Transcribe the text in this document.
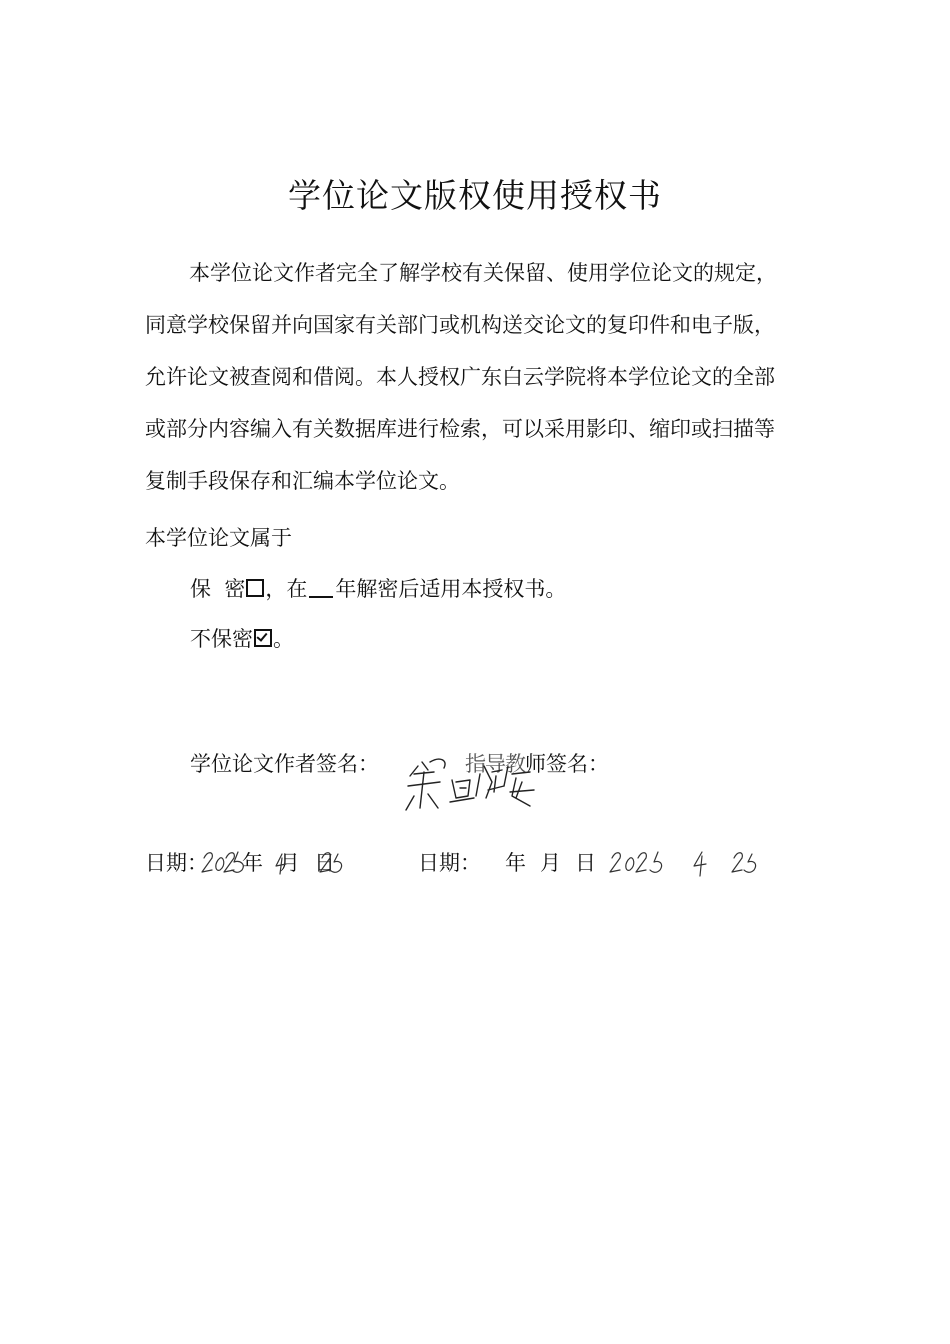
学位论文版权使用授权书
本学位论文作者完全了解学校有关保留、使用学位论文的规定，
同意学校保留并向国家有关部门或机构送交论文的复印件和电子版，
允许论文被查阅和借阅。本人授权广东白云学院将本学位论文的全部
或部分内容编入有关数据库进行检索，可以采用影印、缩印或扫描等
复制手段保存和汇编本学位论文。
本学位论文属于
保  密 ，在 年解密后适用本授权书。
不保密 。
学位论文作者签名：	指导教师签名：
日期： 年 月 日	日期： 年 月 日
